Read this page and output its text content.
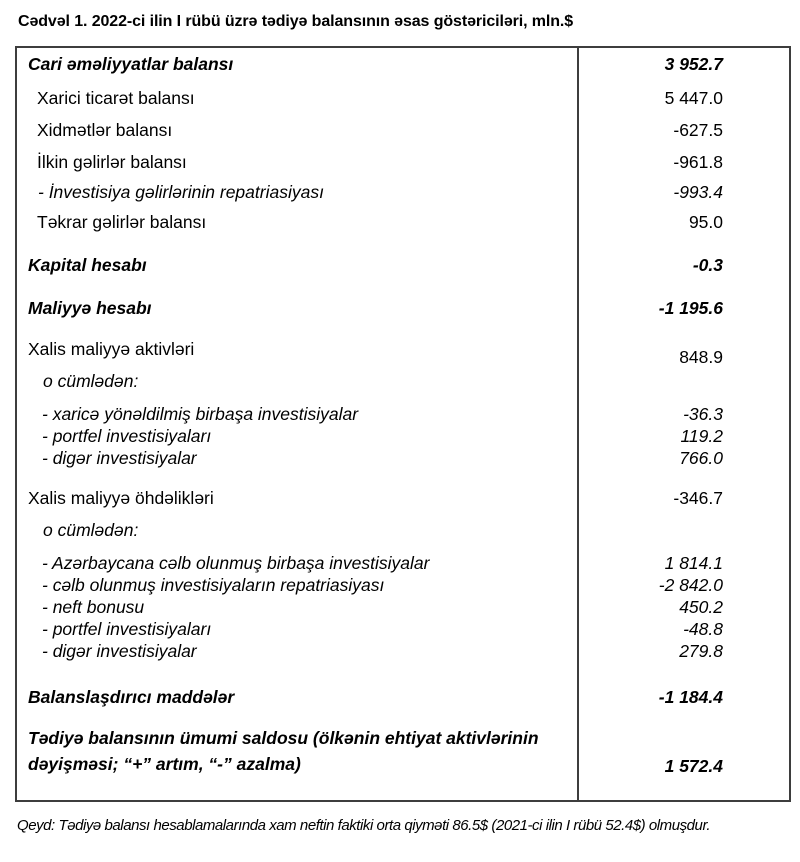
Cədvəl 1. 2022-ci ilin I rübü üzrə tədiyə balansının əsas göstəriciləri, mln.$
Cari əməliyyatlar balansı	3 952.7
Xarici ticarət balansı	5 447.0
Xidmətlər balansı	-627.5
İlkin gəlirlər balansı	-961.8
- İnvestisiya gəlirlərinin repatriasiyası	-993.4
Təkrar gəlirlər balansı	95.0
Kapital hesabı	-0.3
Maliyyə hesabı	-1 195.6
Xalis maliyyə aktivləri	848.9
o cümlədən:
- xaricə yönəldilmiş birbaşa investisiyalar	-36.3
- portfel investisiyaları	119.2
- digər investisiyalar	766.0
Xalis maliyyə öhdəlikləri	-346.7
o cümlədən:
- Azərbaycana cəlb olunmuş birbaşa investisiyalar	1 814.1
- cəlb olunmuş investisiyaların repatriasiyası	-2 842.0
- neft bonusu	450.2
- portfel investisiyaları	-48.8
- digər investisiyalar	279.8
Balanslaşdırıcı maddələr	-1 184.4
Tədiyə balansının ümumi saldosu (ölkənin ehtiyat aktivlərinin dəyişməsi; “+” artım, “-” azalma)	1 572.4
Qeyd: Tədiyə balansı hesablamalarında xam neftin faktiki orta qiyməti 86.5$ (2021-ci ilin I rübü 52.4$) olmuşdur.
